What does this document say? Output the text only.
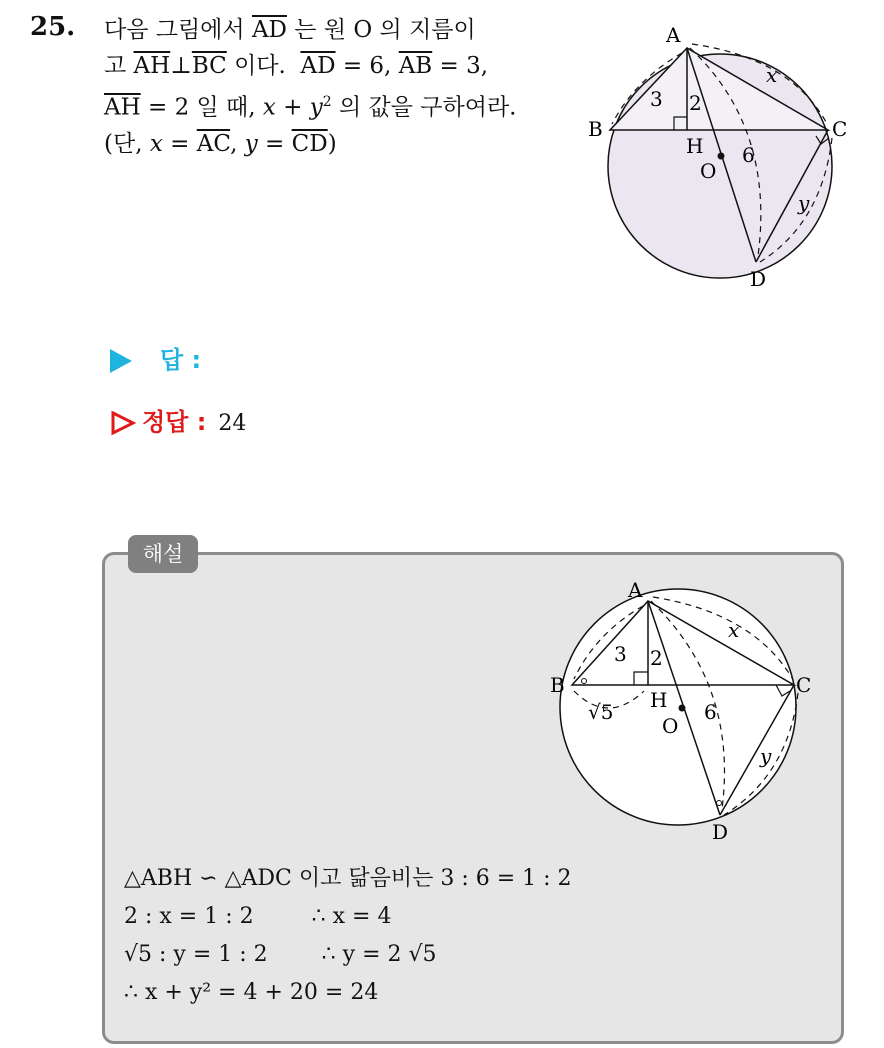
25. 다음 그림에서 $\overline{AD}$ 는 원 O 의 지름이
고 $\overline{AH}\perp\overline{BC}$ 이다. $\overline{AD} = 6$, $\overline{AB} = 3$,
$\overline{AH} = 2$ 일 때, $x + y^2$ 의 값을 구하여라.
(단, $x = \overline{AC}$, $y = \overline{CD}$)
A
B	C
D
H
O
3 2
6
x
y
답 :
정답 : 24
해설
A
B	C
D
H
O
3 2
6
x
y
√5
△ABH ∽ △ADC 이고 닮음비는 3 : 6 = 1 : 2
2 : x = 1 : 2	∴ x = 4
√5 : y = 1 : 2 ∴ y = 2 √5
∴ x + y² = 4 + 20 = 24
